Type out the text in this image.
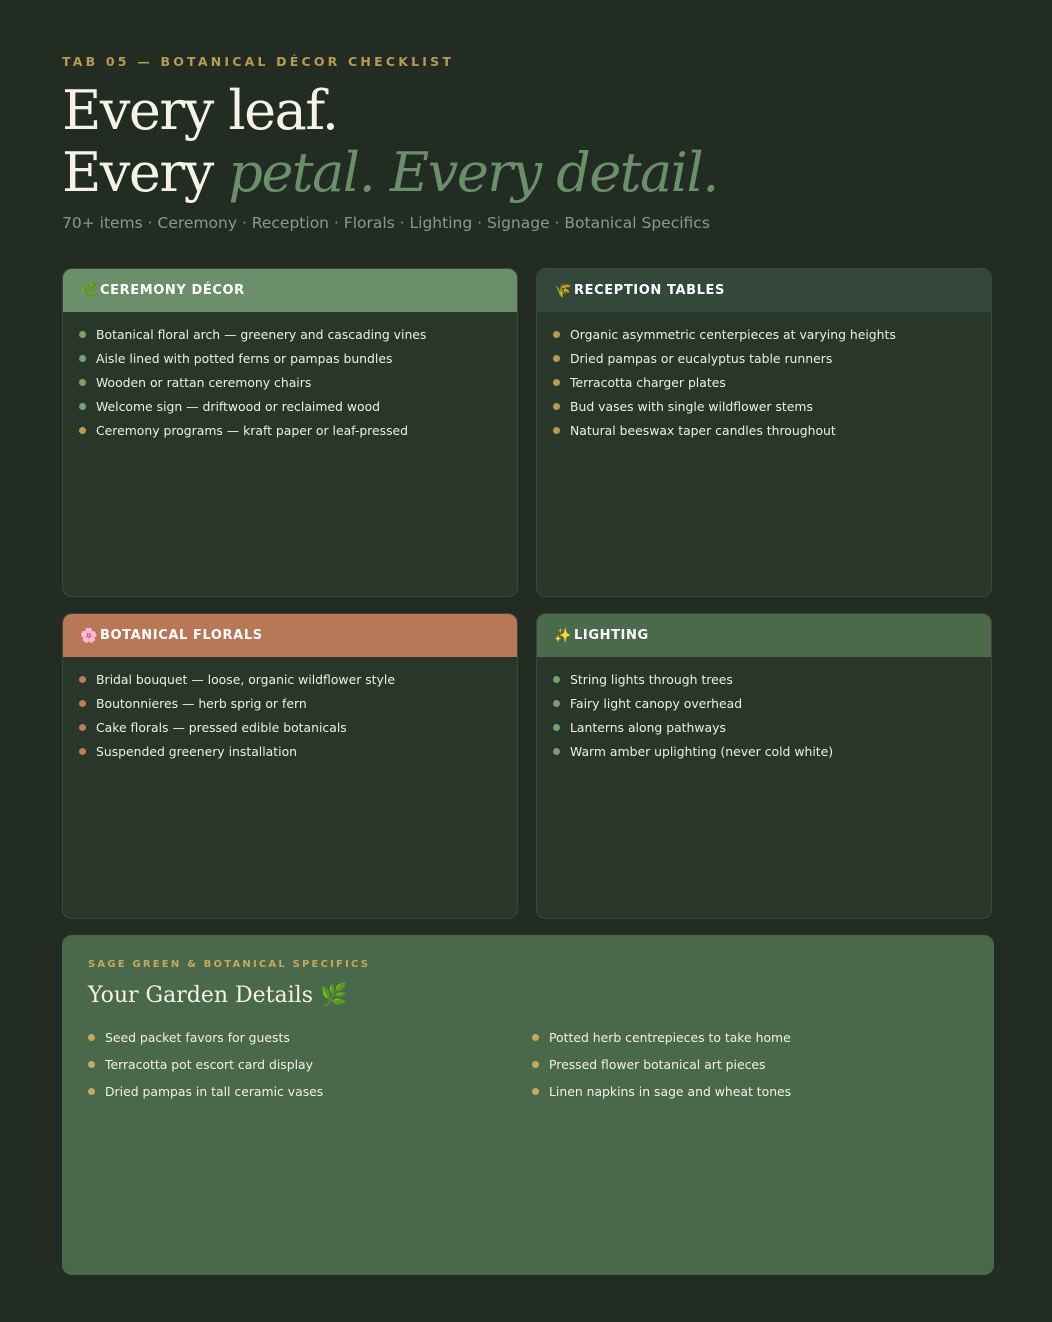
TAB 05 — BOTANICAL DÉCOR CHECKLIST
Every leaf.
Every petal. Every detail.
70+ items · Ceremony · Reception · Florals · Lighting · Signage · Botanical Specifics
🌿 CEREMONY DÉCOR
Botanical floral arch — greenery and cascading vines
Aisle lined with potted ferns or pampas bundles
Wooden or rattan ceremony chairs
Welcome sign — driftwood or reclaimed wood
Ceremony programs — kraft paper or leaf-pressed
🌾 RECEPTION TABLES
Organic asymmetric centerpieces at varying heights
Dried pampas or eucalyptus table runners
Terracotta charger plates
Bud vases with single wildflower stems
Natural beeswax taper candles throughout
🌸 BOTANICAL FLORALS
Bridal bouquet — loose, organic wildflower style
Boutonnieres — herb sprig or fern
Cake florals — pressed edible botanicals
Suspended greenery installation
✨ LIGHTING
String lights through trees
Fairy light canopy overhead
Lanterns along pathways
Warm amber uplighting (never cold white)
SAGE GREEN & BOTANICAL SPECIFICS
Your Garden Details 🌿
Seed packet favors for guests
Terracotta pot escort card display
Dried pampas in tall ceramic vases
Potted herb centrepieces to take home
Pressed flower botanical art pieces
Linen napkins in sage and wheat tones
